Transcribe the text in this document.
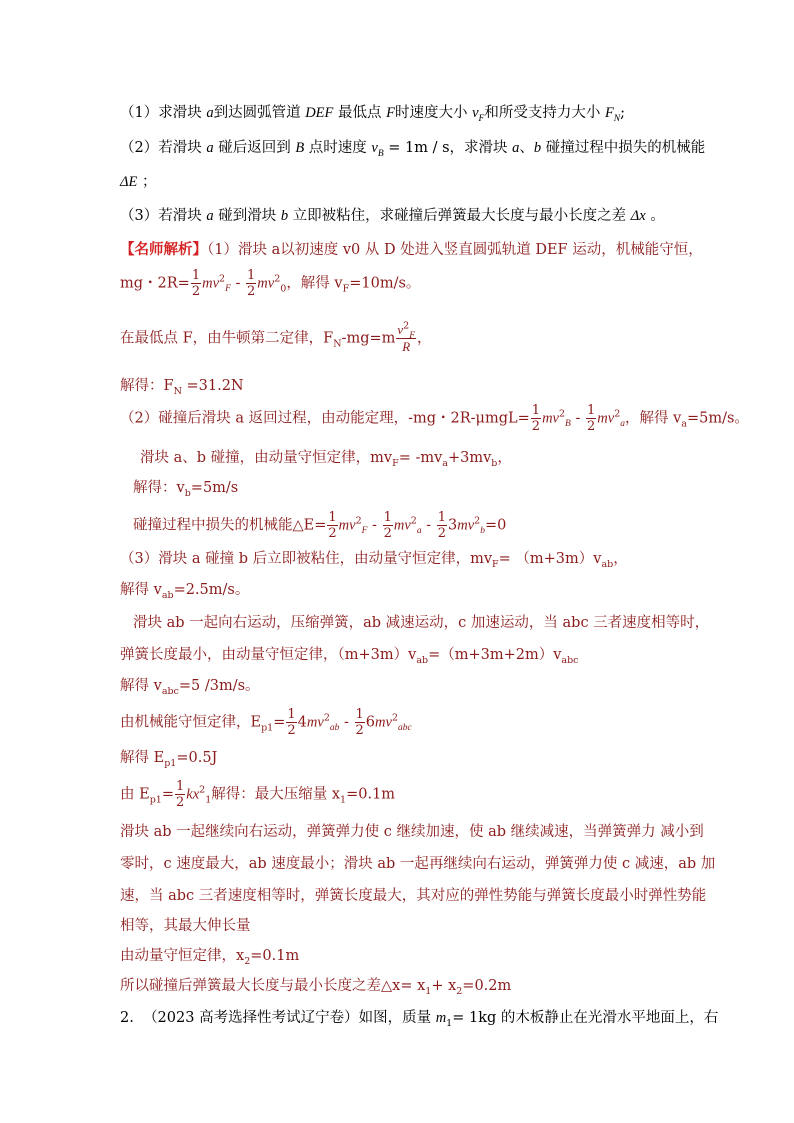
（1）求滑块 a到达圆弧管道 DEF 最低点 F时速度大小 $v_F$和所受支持力大小 $F_N$;
（2）若滑块 a 碰后返回到 B 点时速度 $v_B = 1m / s$，求滑块 a、b 碰撞过程中损失的机械能
ΔE ；
（3）若滑块 a 碰到滑块 b 立即被粘住，求碰撞后弹簧最大长度与最小长度之差 Δx 。
【名师解析】（1）滑块 a以初速度 v0 从 D 处进入竖直圆弧轨道 DEF 运动，机械能守恒，
mg・$2R= \frac{1}{2} mv^2_F - \frac{1}{2} mv^2_0$，解得 $v_F=10m/s$。
在最低点 F，由牛顿第二定律，$F_N-mg=m \frac{v^2_F}{R}$ ，
解得：$F_N =31.2N$
（2）碰撞后滑块 a 返回过程，由动能定理，-mg・$2R-\mu mgL= \frac{1}{2} mv^2_B - \frac{1}{2} mv^2_a$，解得 $v_a=5m/s$。
滑块 a、b 碰撞，由动量守恒定律，$mv_F= -mv_a+3mv_b$，
解得：$v_b=5m/s$
碰撞过程中损失的机械能△E= $\frac{1}{2} mv^2_F - \frac{1}{2} mv^2_a - \frac{1}{2} 3mv^2_b=0$
（3）滑块 a 碰撞 b 后立即被粘住，由动量守恒定律，$mv_F= (m+3m)v_{ab}$，
解得 $v_{ab}=2.5m/s$。
滑块 ab 一起向右运动，压缩弹簧，ab 减速运动，c 加速运动，当 abc 三者速度相等时，
弹簧长度最小，由动量守恒定律，$(m+3m)v_{ab}=(m+3m+2m)v_{abc}$
解得 $v_{abc}=5$ /3m/s。
由机械能守恒定律，$E_{p1}= \frac{1}{2} 4mv^2_{ab} - \frac{1}{2} 6mv^2_{abc}$
解得 $E_{p1}=0.5J$
由 $E_{p1}= \frac{1}{2} kx^2_1$解得：最大压缩量 $x_1=0.1m$
滑块 ab 一起继续向右运动，弹簧弹力使 c 继续加速，使 ab 继续减速，当弹簧弹力 减小到
零时，c 速度最大，ab 速度最小；滑块 ab 一起再继续向右运动，弹簧弹力使 c 减速，ab 加
速，当 abc 三者速度相等时，弹簧长度最大，其对应的弹性势能与弹簧长度最小时弹性势能
相等，其最大伸长量
由动量守恒定律，$x_2=0.1m$
所以碰撞后弹簧最大长度与最小长度之差△x= $x_1+ x_2=0.2m$
2. （2023 高考选择性考试辽宁卷）如图，质量 $m_1= 1kg$ 的木板静止在光滑水平地面上，右
